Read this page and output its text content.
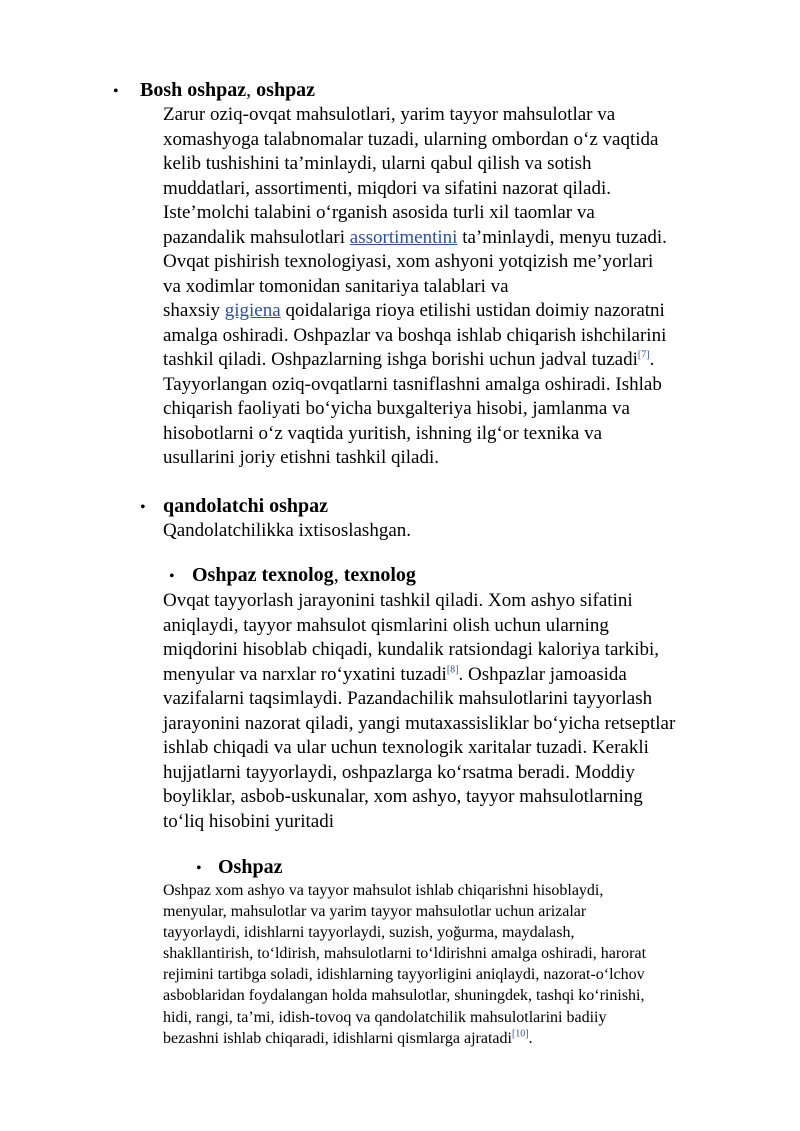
• Bosh oshpaz, oshpaz

Zarur oziq-ovqat mahsulotlari, yarim tayyor mahsulotlar va
xomashyoga talabnomalar tuzadi, ularning ombordan oʻz vaqtida
kelib tushishini taʼminlaydi, ularni qabul qilish va sotish
muddatlari, assortimenti, miqdori va sifatini nazorat qiladi.
Isteʼmolchi talabini oʻrganish asosida turli xil taomlar va
pazandalik mahsulotlari assortimentini taʼminlaydi, menyu tuzadi.
Ovqat pishirish texnologiyasi, xom ashyoni yotqizish meʼyorlari
va xodimlar tomonidan sanitariya talablari va
shaxsiy gigiena qoidalariga rioya etilishi ustidan doimiy nazoratni
amalga oshiradi. Oshpazlar va boshqa ishlab chiqarish ishchilarini
tashkil qiladi. Oshpazlarning ishga borishi uchun jadval tuzadi[7].
Tayyorlangan oziq-ovqatlarni tasniflashni amalga oshiradi. Ishlab
chiqarish faoliyati boʻyicha buxgalteriya hisobi, jamlanma va
hisobotlarni oʻz vaqtida yuritish, ishning ilgʻor texnika va
usullarini joriy etishni tashkil qiladi.

• qandolatchi oshpaz

Qandolatchilikka ixtisoslashgan.

• Oshpaz texnolog, texnolog

Ovqat tayyorlash jarayonini tashkil qiladi. Xom ashyo sifatini
aniqlaydi, tayyor mahsulot qismlarini olish uchun ularning
miqdorini hisoblab chiqadi, kundalik ratsiondagi kaloriya tarkibi,
menyular va narxlar roʻyxatini tuzadi[8]. Oshpazlar jamoasida
vazifalarni taqsimlaydi. Pazandachilik mahsulotlarini tayyorlash
jarayonini nazorat qiladi, yangi mutaxassisliklar boʻyicha retseptlar
ishlab chiqadi va ular uchun texnologik xaritalar tuzadi. Kerakli
hujjatlarni tayyorlaydi, oshpazlarga koʻrsatma beradi. Moddiy
boyliklar, asbob-uskunalar, xom ashyo, tayyor mahsulotlarning
toʻliq hisobini yuritadi

• Oshpaz

Oshpaz xom ashyo va tayyor mahsulot ishlab chiqarishni hisoblaydi,
menyular, mahsulotlar va yarim tayyor mahsulotlar uchun arizalar
tayyorlaydi, idishlarni tayyorlaydi, suzish, yoğurma, maydalash,
shakllantirish, toʻldirish, mahsulotlarni toʻldirishni amalga oshiradi, harorat
rejimini tartibga soladi, idishlarning tayyorligini aniqlaydi, nazorat-oʻlchov
asboblaridan foydalangan holda mahsulotlar, shuningdek, tashqi koʻrinishi,
hidi, rangi, taʼmi, idish-tovoq va qandolatchilik mahsulotlarini badiiy
bezashni ishlab chiqaradi, idishlarni qismlarga ajratadi[10].
